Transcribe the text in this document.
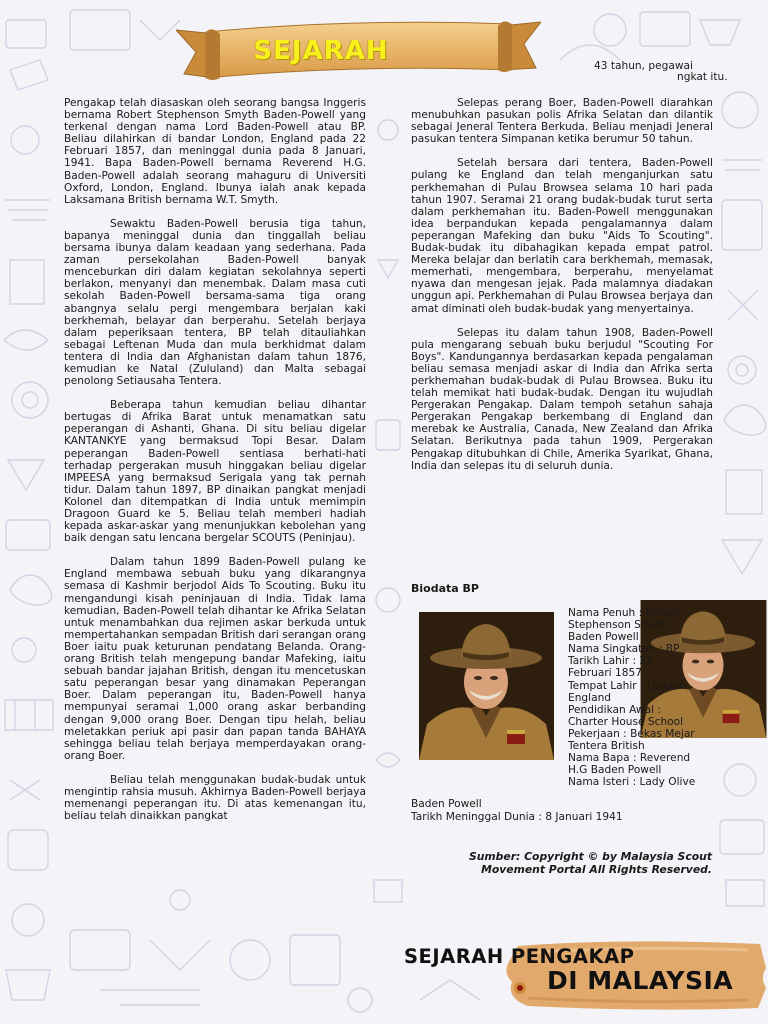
43 tahun, pegawai
ngkat itu.
SEJARAH

Pengakap telah diasaskan oleh seorang bangsa Inggeris bernama Robert Stephenson Smyth Baden-Powell yang terkenal dengan nama Lord Baden-Powell atau BP. Beliau dilahirkan di bandar London, England pada 22 Februari 1857, dan meninggal dunia pada 8 Januari, 1941. Bapa Baden-Powell bernama Reverend H.G. Baden-Powell adalah seorang mahaguru di Universiti Oxford, London, England. Ibunya ialah anak kepada Laksamana British bernama W.T. Smyth.

Sewaktu Baden-Powell berusia tiga tahun, bapanya meninggal dunia dan tinggallah beliau bersama ibunya dalam keadaan yang sederhana. Pada zaman persekolahan Baden-Powell banyak menceburkan diri dalam kegiatan sekolahnya seperti berlakon, menyanyi dan menembak. Dalam masa cuti sekolah Baden-Powell bersama-sama tiga orang abangnya selalu pergi mengembara berjalan kaki berkhemah, belayar dan berperahu. Setelah berjaya dalam peperiksaan tentera, BP telah ditauliahkan sebagai Leftenan Muda dan mula berkhidmat dalam tentera di India dan Afghanistan dalam tahun 1876, kemudian ke Natal (Zululand) dan Malta sebagai penolong Setiausaha Tentera.

Beberapa tahun kemudian beliau dihantar bertugas di Afrika Barat untuk menamatkan satu peperangan di Ashanti, Ghana. Di situ beliau digelar KANTANKYE yang bermaksud Topi Besar. Dalam peperangan Baden-Powell sentiasa berhati-hati terhadap pergerakan musuh hinggakan beliau digelar IMPEESA yang bermaksud Serigala yang tak pernah tidur. Dalam tahun 1897, BP dinaikan pangkat menjadi Kolonel dan ditempatkan di India untuk memimpin Dragoon Guard ke 5. Beliau telah memberi hadiah kepada askar-askar yang menunjukkan kebolehan yang baik dengan satu lencana bergelar SCOUTS (Peninjau).

Dalam tahun 1899 Baden-Powell pulang ke England membawa sebuah buku yang dikarangnya semasa di Kashmir berjodol Aids To Scouting. Buku itu mengandungi kisah peninjauan di India. Tidak lama kemudian, Baden-Powell telah dihantar ke Afrika Selatan untuk menambahkan dua rejimen askar berkuda untuk mempertahankan sempadan British dari serangan orang Boer iaitu puak keturunan pendatang Belanda. Orang-orang British telah mengepung bandar Mafeking, iaitu sebuah bandar jajahan British, dengan itu mencetuskan satu peperangan besar yang dinamakan Peperangan Boer. Dalam peperangan itu, Baden-Powell hanya mempunyai seramai 1,000 orang askar berbanding dengan 9,000 orang Boer. Dengan tipu helah, beliau meletakkan periuk api pasir dan papan tanda BAHAYA sehingga beliau telah berjaya memperdayakan orang-orang Boer.

Beliau telah menggunakan budak-budak untuk mengintip rahsia musuh. Akhirnya Baden-Powell berjaya memenangi peperangan itu. Di atas kemenangan itu, beliau telah dinaikkan pangkat

Selepas perang Boer, Baden-Powell diarahkan menubuhkan pasukan polis Afrika Selatan dan dilantik sebagai Jeneral Tentera Berkuda. Beliau menjadi Jeneral pasukan tentera Simpanan ketika berumur 50 tahun.

Setelah bersara dari tentera, Baden-Powell pulang ke England dan telah menganjurkan satu perkhemahan di Pulau Browsea selama 10 hari pada tahun 1907. Seramai 21 orang budak-budak turut serta dalam perkhemahan itu. Baden-Powell menggunakan idea berpandukan kepada pengalamannya dalam peperangan Mafeking dan buku "Aids To Scouting". Budak-budak itu dibahagikan kepada empat patrol. Mereka belajar dan berlatih cara berkhemah, memasak, memerhati, mengembara, berperahu, menyelamat nyawa dan mengesan jejak. Pada malamnya diadakan unggun api. Perkhemahan di Pulau Browsea berjaya dan amat diminati oleh budak-budak yang menyertainya.

Selepas itu dalam tahun 1908, Baden-Powell pula mengarang sebuah buku berjudul "Scouting For Boys". Kandungannya berdasarkan kepada pengalaman beliau semasa menjadi askar di India dan Afrika serta perkhemahan budak-budak di Pulau Browsea. Buku itu telah memikat hati budak-budak. Dengan itu wujudlah Pergerakan Pengakap. Dalam tempoh setahun sahaja Pergerakan Pengakap berkembang di England dan merebak ke Australia, Canada, New Zealand dan Afrika Selatan. Berikutnya pada tahun 1909, Pergerakan Pengakap ditubuhkan di Chile, Amerika Syarikat, Ghana, India dan selepas itu di seluruh dunia.

Biodata BP
Nama Penuh : Robert
Stephenson Smyth
Baden Powell
Nama Singkatan : BP
Tarikh Lahir : 22
Februari 1857
Tempat Lahir : London
England
Pendidikan Awal :
Charter House School
Pekerjaan : Bekas Mejar
Tentera British
Nama Bapa : Reverend
H.G Baden Powell
Nama Isteri : Lady Olive
Baden Powell
Tarikh Meninggal Dunia : 8 Januari 1941
Sumber: Copyright © by Malaysia Scout
Movement Portal All Rights Reserved.
SEJARAH PENGAKAP
DI MALAYSIA
